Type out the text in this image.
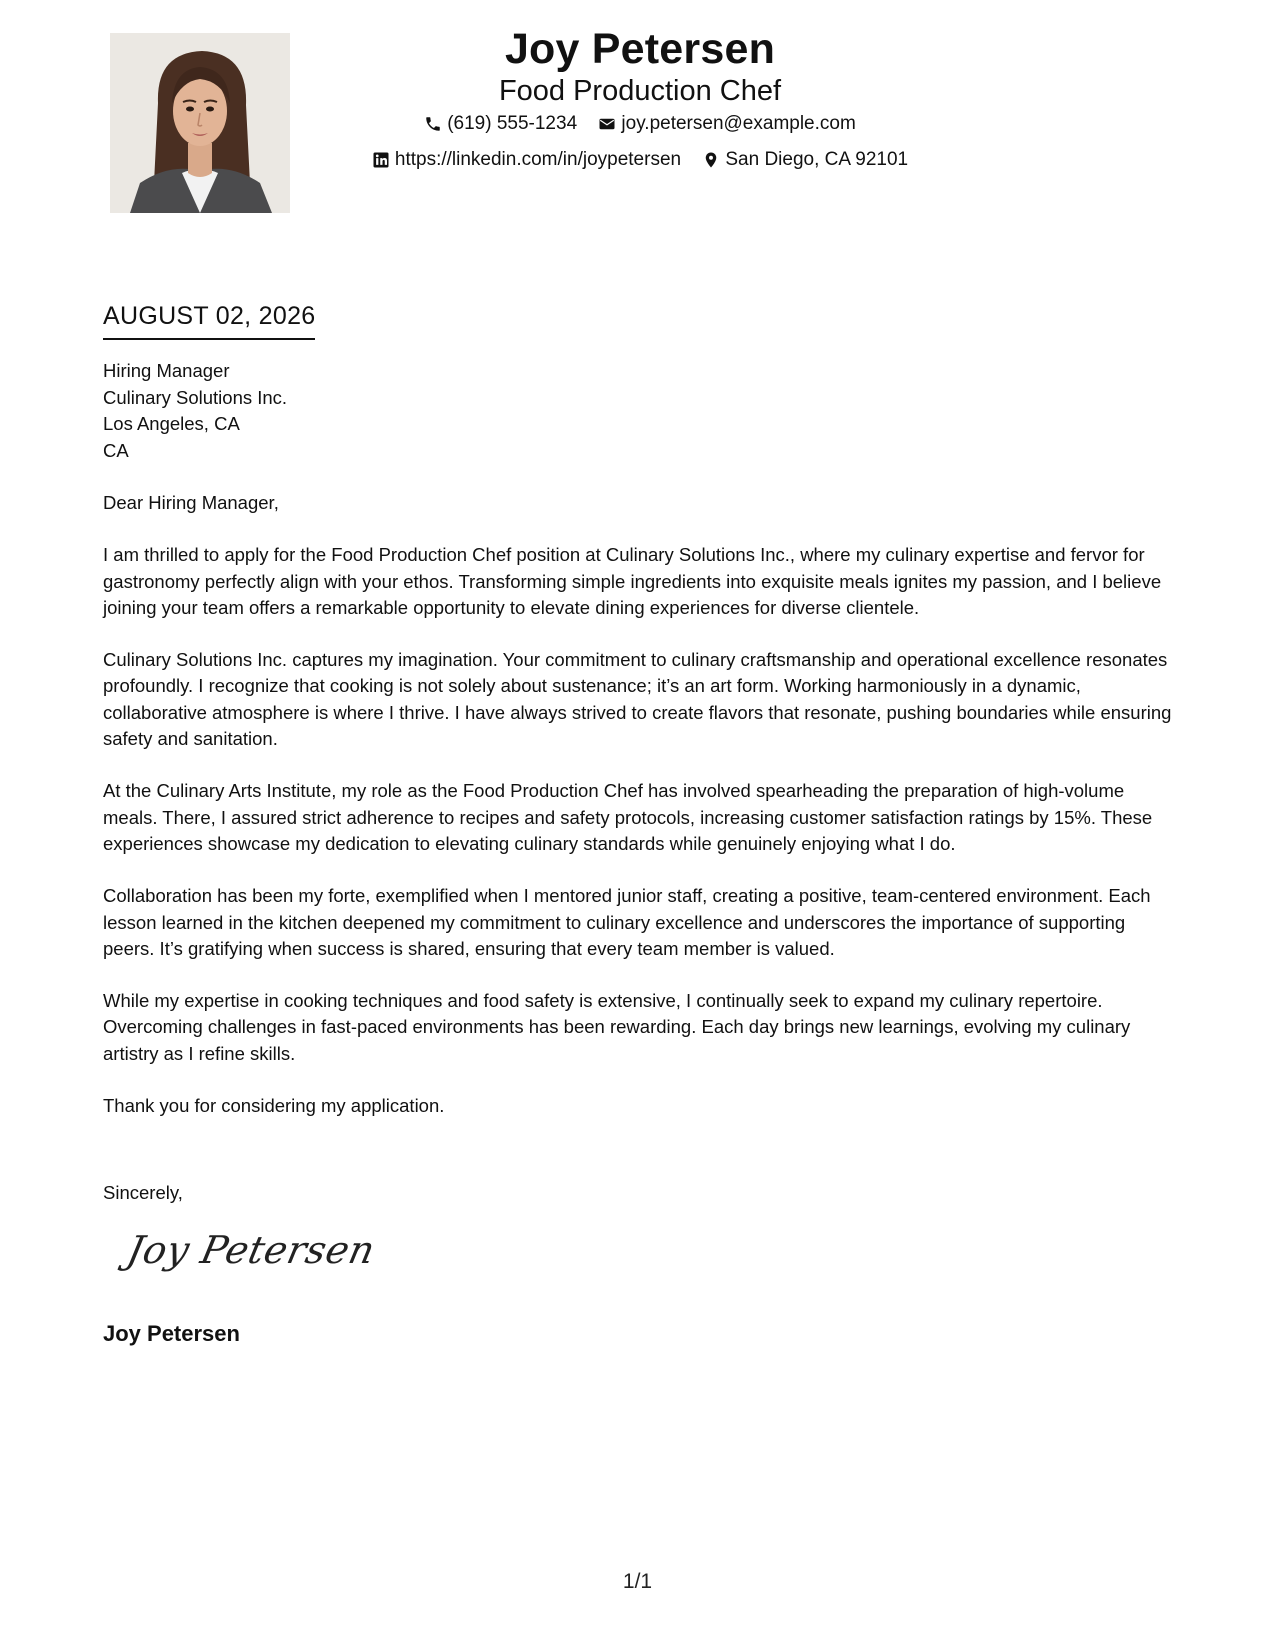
Joy Petersen
Food Production Chef
(619) 555-1234
joy.petersen@example.com
https://linkedin.com/in/joypetersen
San Diego, CA 92101
AUGUST 02, 2026
Hiring Manager
Culinary Solutions Inc.
Los Angeles, CA
CA

Dear Hiring Manager,

I am thrilled to apply for the Food Production Chef position at Culinary Solutions Inc., where my culinary expertise and fervor for gastronomy perfectly align with your ethos. Transforming simple ingredients into exquisite meals ignites my passion, and I believe joining your team offers a remarkable opportunity to elevate dining experiences for diverse clientele.

Culinary Solutions Inc. captures my imagination. Your commitment to culinary craftsmanship and operational excellence resonates profoundly. I recognize that cooking is not solely about sustenance; it’s an art form. Working harmoniously in a dynamic, collaborative atmosphere is where I thrive. I have always strived to create flavors that resonate, pushing boundaries while ensuring safety and sanitation.

At the Culinary Arts Institute, my role as the Food Production Chef has involved spearheading the preparation of high-volume meals. There, I assured strict adherence to recipes and safety protocols, increasing customer satisfaction ratings by 15%. These experiences showcase my dedication to elevating culinary standards while genuinely enjoying what I do.

Collaboration has been my forte, exemplified when I mentored junior staff, creating a positive, team-centered environment. Each lesson learned in the kitchen deepened my commitment to culinary excellence and underscores the importance of supporting peers. It’s gratifying when success is shared, ensuring that every team member is valued.

While my expertise in cooking techniques and food safety is extensive, I continually seek to expand my culinary repertoire. Overcoming challenges in fast-paced environments has been rewarding. Each day brings new learnings, evolving my culinary artistry as I refine skills.

Thank you for considering my application.

Sincerely,
Joy Petersen
Joy Petersen
1/1
